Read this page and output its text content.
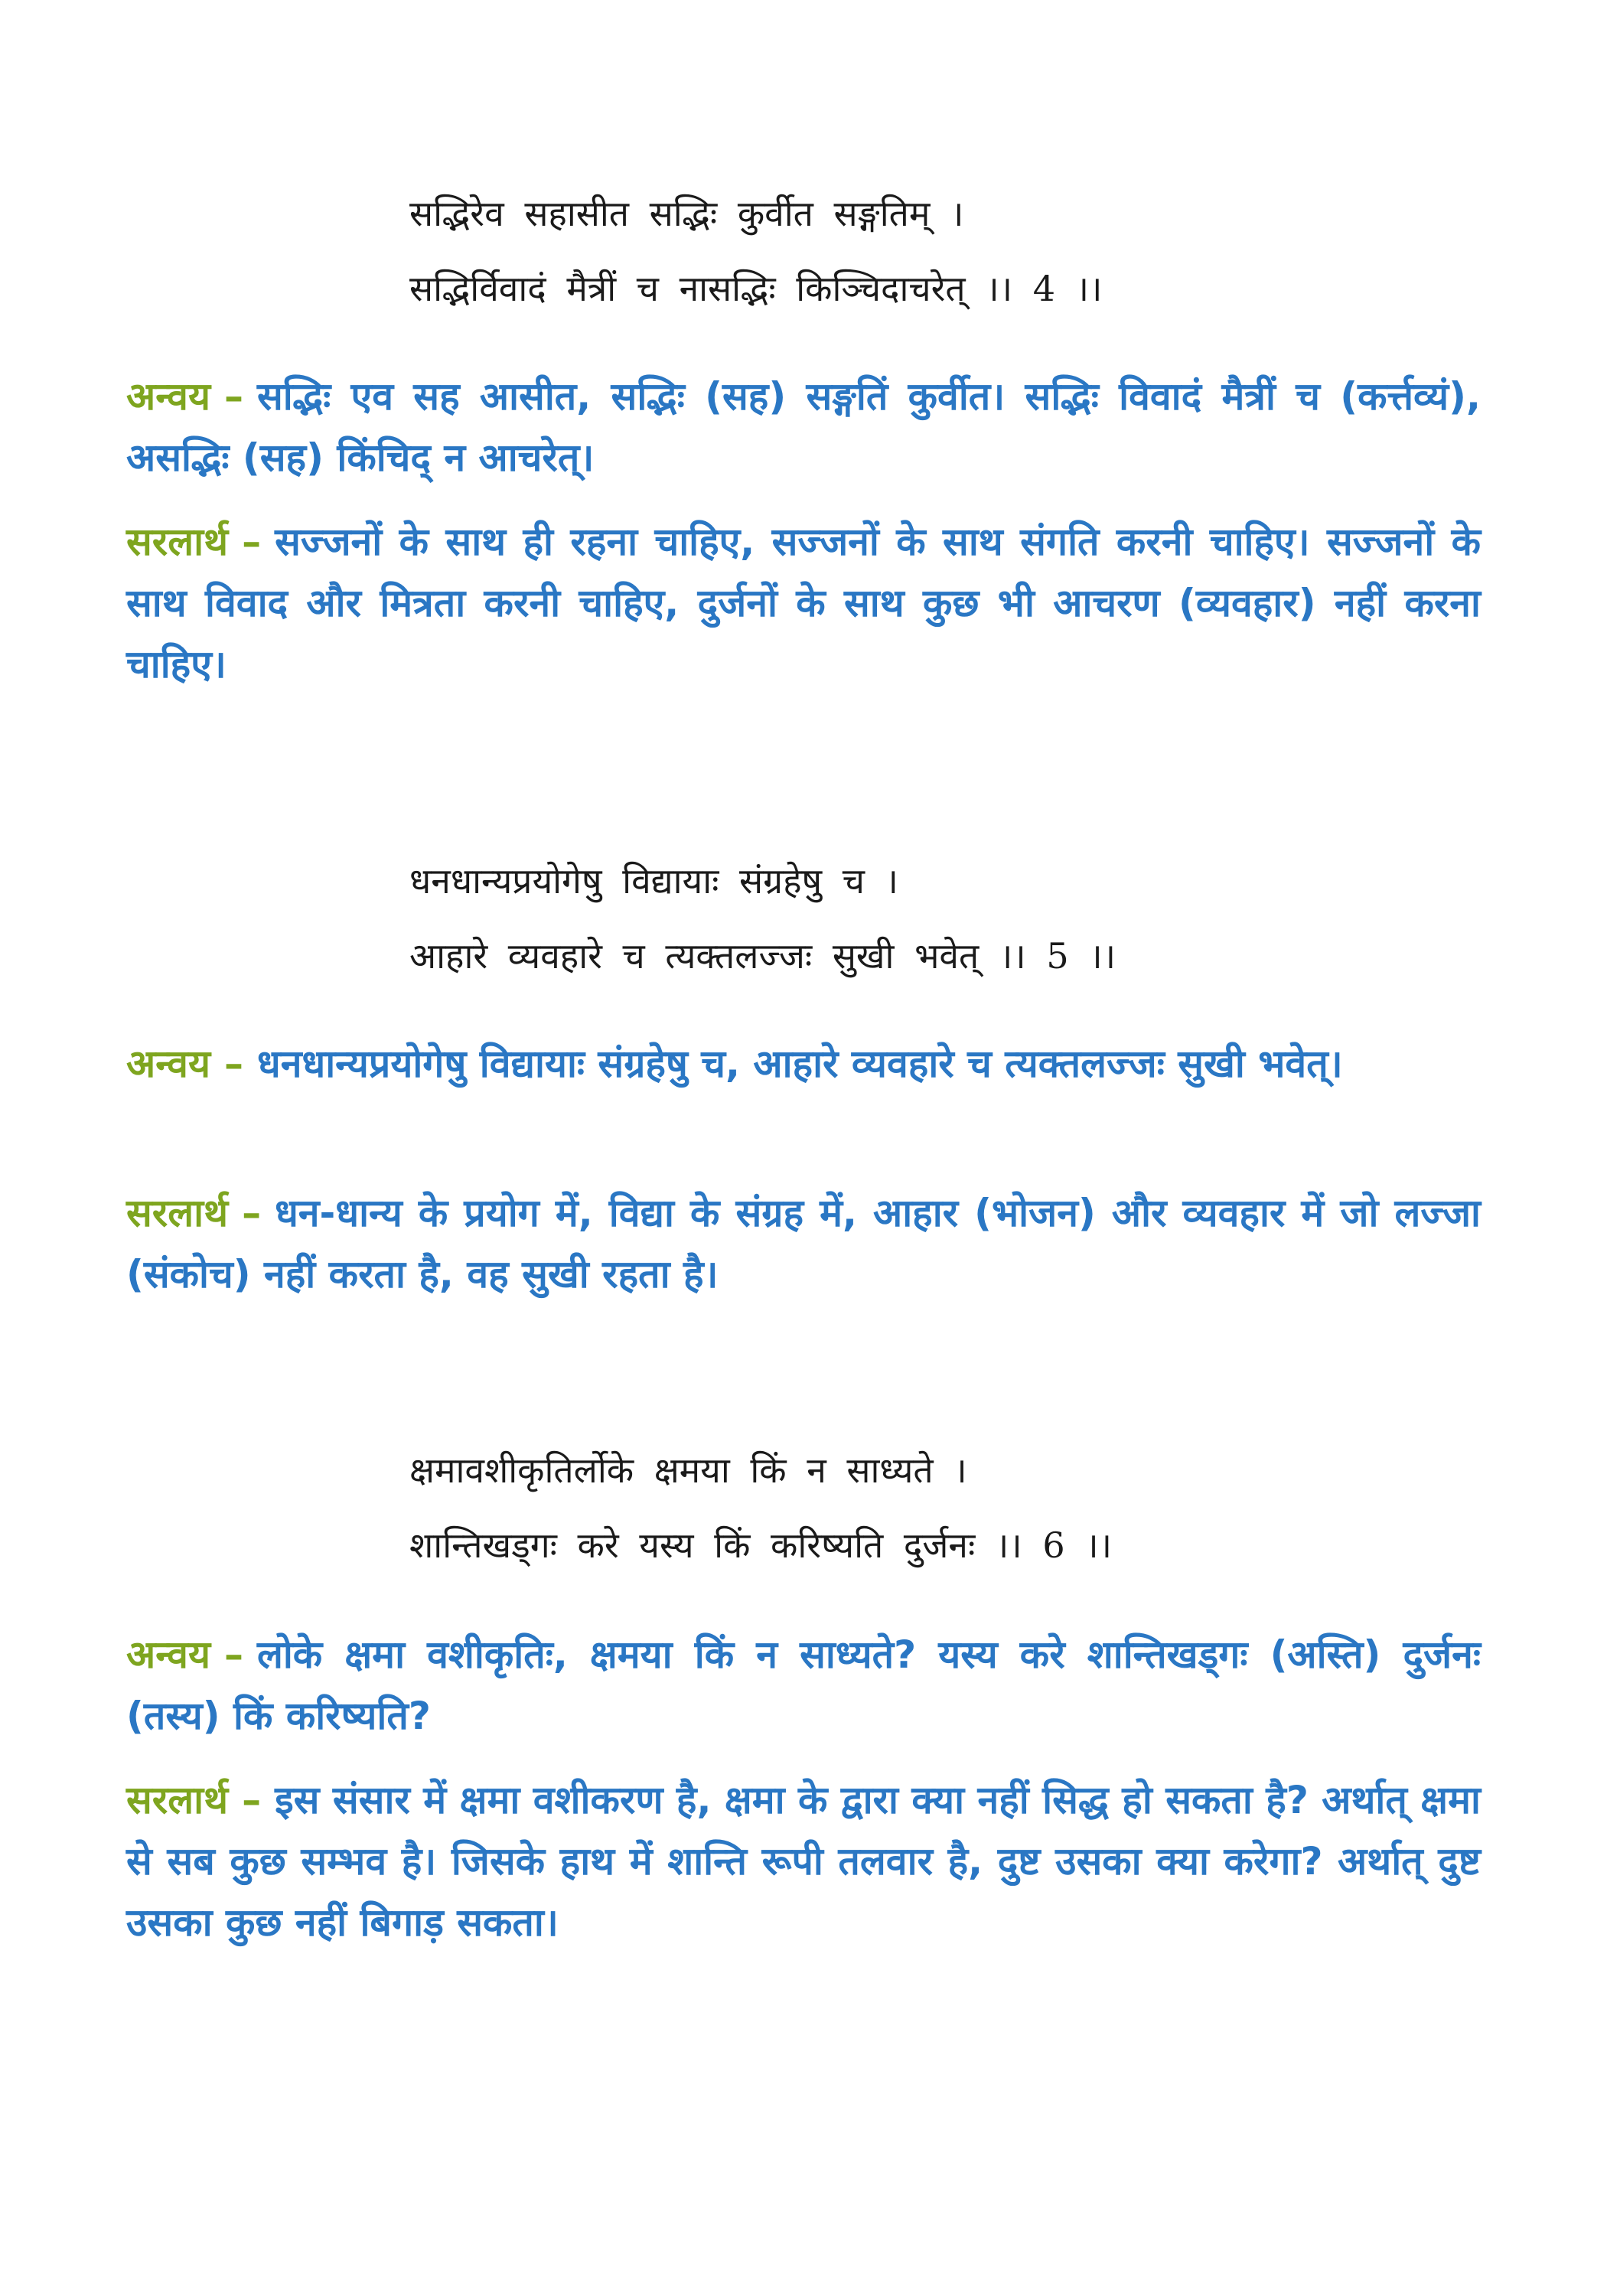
सद्भिरेव सहासीत सद्भिः कुर्वीत सङ्गतिम् ।
सद्भिर्विवादं मैत्रीं च नासद्भिः किञ्चिदाचरेत् ।। 4 ।।
अन्वय – सद्भिः एव सह आसीत, सद्भिः (सह) सङ्गतिं कुर्वीत। सद्भिः विवादं मैत्रीं च (कर्त्तव्यं), असद्भिः (सह) किंचिद् न आचरेत्।
सरलार्थ – सज्जनों के साथ ही रहना चाहिए, सज्जनों के साथ संगति करनी चाहिए। सज्जनों के साथ विवाद और मित्रता करनी चाहिए, दुर्जनों के साथ कुछ भी आचरण (व्यवहार) नहीं करना चाहिए।
धनधान्यप्रयोगेषु विद्यायाः संग्रहेषु च ।
आहारे व्यवहारे च त्यक्तलज्जः सुखी भवेत् ।। 5 ।।
अन्वय – धनधान्यप्रयोगेषु विद्यायाः संग्रहेषु च, आहारे व्यवहारे च त्यक्तलज्जः सुखी भवेत्।
सरलार्थ – धन-धान्य के प्रयोग में, विद्या के संग्रह में, आहार (भोजन) और व्यवहार में जो लज्जा (संकोच) नहीं करता है, वह सुखी रहता है।
क्षमावशीकृतिर्लोके क्षमया किं न साध्यते ।
शान्तिखड्गः करे यस्य किं करिष्यति दुर्जनः ।। 6 ।।
अन्वय – लोके क्षमा वशीकृतिः, क्षमया किं न साध्यते? यस्य करे शान्तिखड्गः (अस्ति) दुर्जनः (तस्य) किं करिष्यति?
सरलार्थ – इस संसार में क्षमा वशीकरण है, क्षमा के द्वारा क्या नहीं सिद्ध हो सकता है? अर्थात् क्षमा से सब कुछ सम्भव है। जिसके हाथ में शान्ति रूपी तलवार है, दुष्ट उसका क्या करेगा? अर्थात् दुष्ट उसका कुछ नहीं बिगाड़ सकता।
